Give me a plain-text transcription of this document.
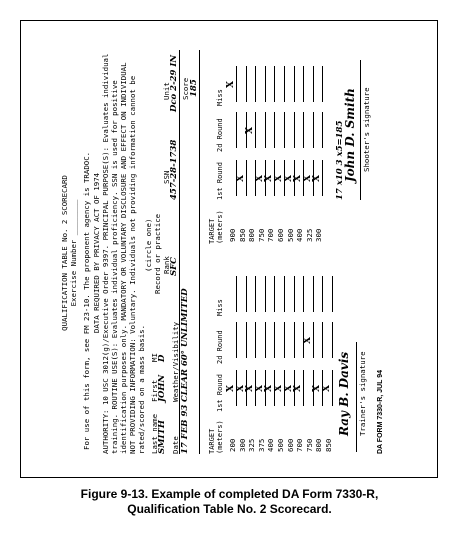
QUALIFICATION TABLE No. 2 SCORECARD Exercise Number ________ For use of this form, see FM 23-10. The proponent agency is TRADOC. DATA REQUIRED BY PRIVACY ACT OF 1974 AUTHORITY: 10 USC 3012(g)/Executive Order 9397. PRINCIPAL PURPOSE(S): Evaluates individual training. ROUTINE USE(S): Evaluates individual proficiency. SSN is used for positive identification purposes only. MANDATORY OR VOLUNTARY DISCLOSURE AND EFFECT ON INDIVIDUAL NOT PROVIDING INFORMATION: Voluntary. Individuals not providing information cannot be rated/scored on a mass basis. Last name
First
MI
(circle one) Record or practice Rank
SSN
Unit
SMITH
JOHN
D
SFC
457-28-1738
Dco 2-29 IN
Date
Weather/Visibility
Score
17 FEB 93
CLEAR 60° UNLIMITED
185
TARGET (meters)
1st Round
2d Round
Miss
TARGET (meters)
1st Round
2d Round
Miss
200
X
300
X
325
X
375
X
400
X
500
X
600
X
700
X
750
X
800
X
850
X
900
X
850
X
800
X
750
X
700
X
600
X
500
X
400
X
325
X
300
X
Ray B. Davis Trainer's signature
17 x10 3 x5=185
John D. Smith Shooter's signature
DA FORM 7330-R, JUL 94
Figure 9-13. Example of completed DA Form 7330-R,
Qualification Table No. 2 Scorecard.
